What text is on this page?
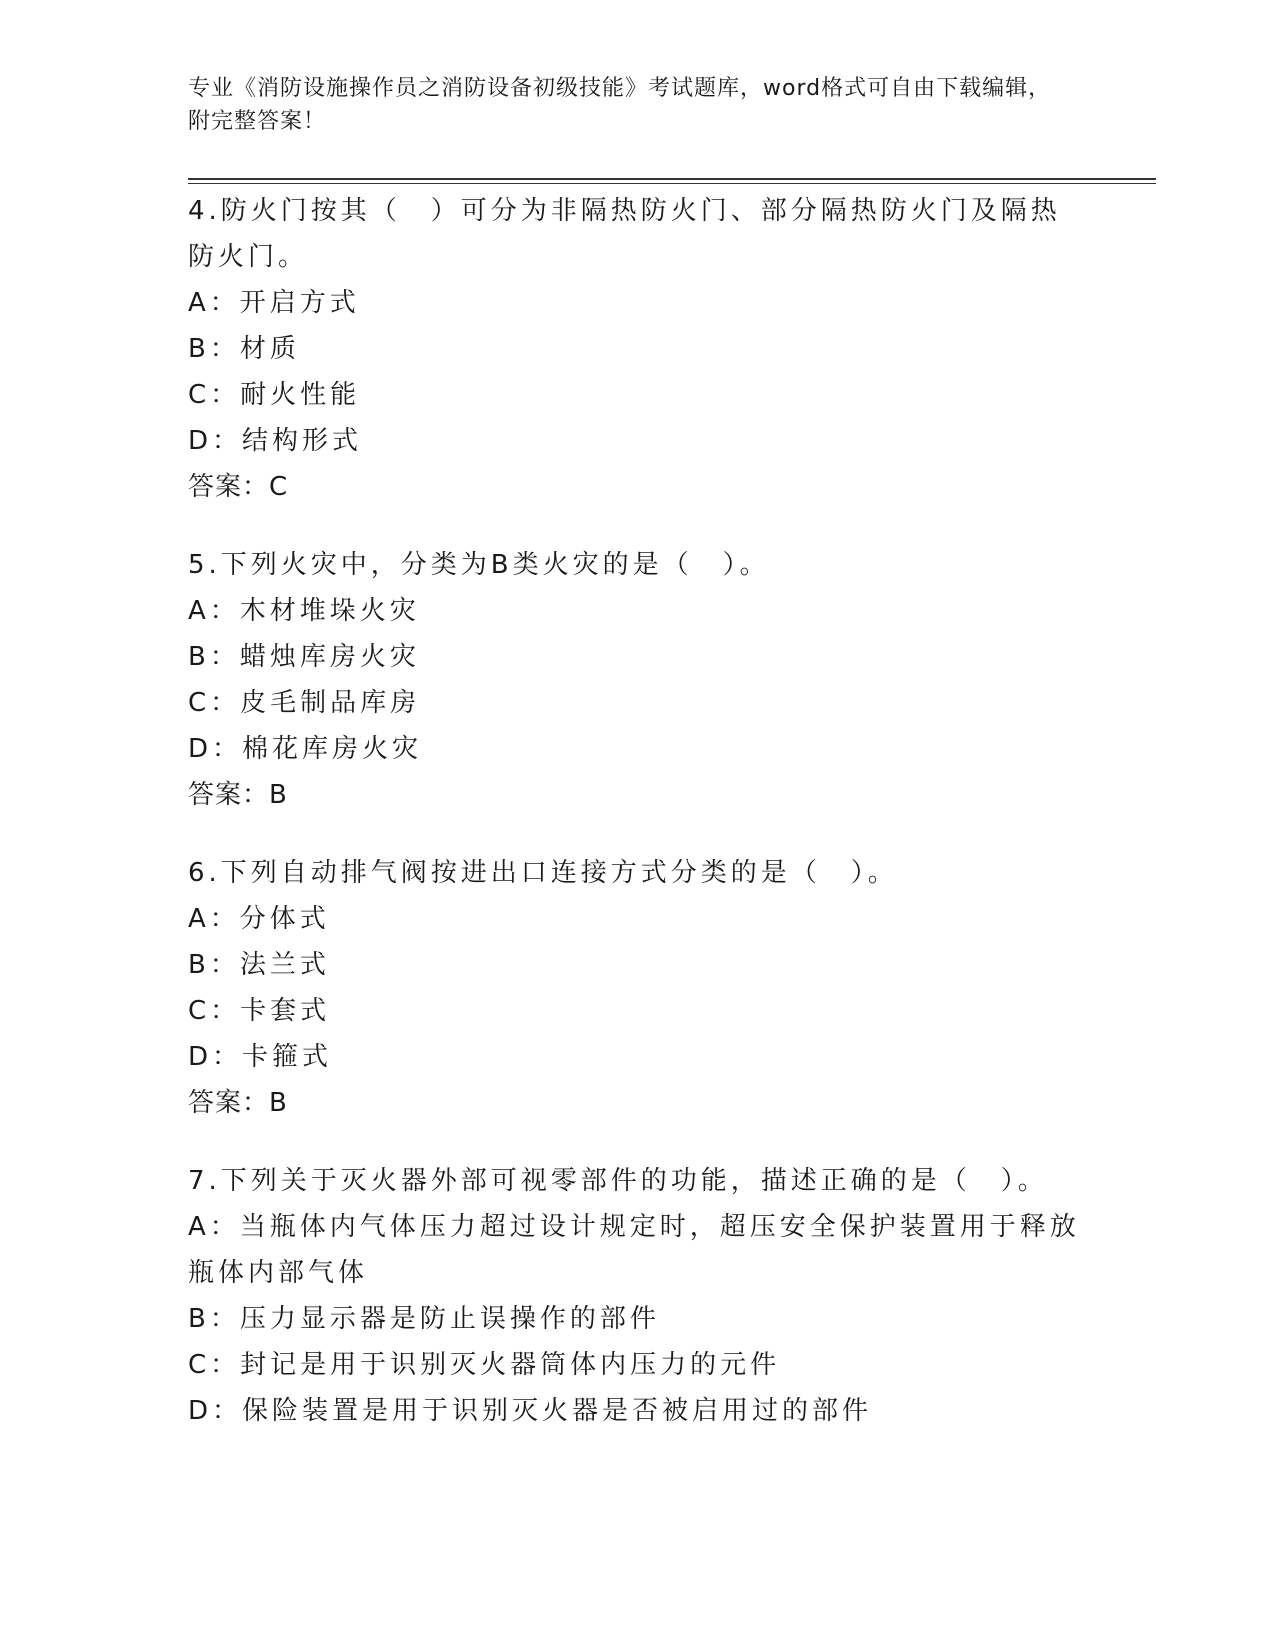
专业《消防设施操作员之消防设备初级技能》考试题库，word格式可自由下载编辑，附完整答案！
4.防火门按其（　）可分为非隔热防火门、部分隔热防火门及隔热防火门。
A：开启方式
B：材质
C：耐火性能
D：结构形式
答案：C
5.下列火灾中，分类为B类火灾的是（　）。
A：木材堆垛火灾
B：蜡烛库房火灾
C：皮毛制品库房
D：棉花库房火灾
答案：B
6.下列自动排气阀按进出口连接方式分类的是（　）。
A：分体式
B：法兰式
C：卡套式
D：卡箍式
答案：B
7.下列关于灭火器外部可视零部件的功能，描述正确的是（　）。
A：当瓶体内气体压力超过设计规定时，超压安全保护装置用于释放瓶体内部气体
B：压力显示器是防止误操作的部件
C：封记是用于识别灭火器筒体内压力的元件
D：保险装置是用于识别灭火器是否被启用过的部件
